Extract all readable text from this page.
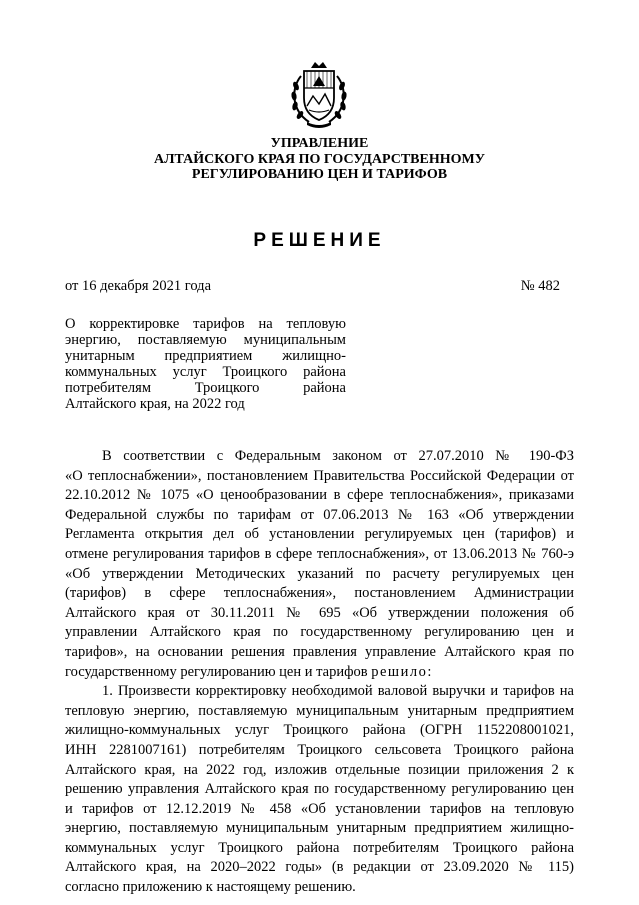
УПРАВЛЕНИЕ
АЛТАЙСКОГО КРАЯ ПО ГОСУДАРСТВЕННОМУ
РЕГУЛИРОВАНИЮ ЦЕН И ТАРИФОВ
РЕШЕНИЕ
от 16 декабря 2021 года	№ 482
О корректировке тарифов на тепловую
энергию, поставляемую муниципальным
унитарным предприятием жилищно-
коммунальных услуг Троицкого района
потребителям Троицкого района
Алтайского края, на 2022 год
В соответствии с Федеральным законом от 27.07.2010 № 190-ФЗ
«О теплоснабжении», постановлением Правительства Российской Федерации от
22.10.2012 № 1075 «О ценообразовании в сфере теплоснабжения», приказами
Федеральной службы по тарифам от 07.06.2013 № 163 «Об утверждении
Регламента открытия дел об установлении регулируемых цен (тарифов) и
отмене регулирования тарифов в сфере теплоснабжения», от 13.06.2013 № 760-э
«Об утверждении Методических указаний по расчету регулируемых цен
(тарифов) в сфере теплоснабжения», постановлением Администрации
Алтайского края от 30.11.2011 № 695 «Об утверждении положения об
управлении Алтайского края по государственному регулированию цен и
тарифов», на основании решения правления управление Алтайского края по
государственному регулированию цен и тарифов решило:
1. Произвести корректировку необходимой валовой выручки и тарифов на
тепловую энергию, поставляемую муниципальным унитарным предприятием
жилищно-коммунальных услуг Троицкого района (ОГРН 1152208001021,
ИНН 2281007161) потребителям Троицкого сельсовета Троицкого района
Алтайского края, на 2022 год, изложив отдельные позиции приложения 2 к
решению управления Алтайского края по государственному регулированию цен
и тарифов от 12.12.2019 № 458 «Об установлении тарифов на тепловую
энергию, поставляемую муниципальным унитарным предприятием жилищно-
коммунальных услуг Троицкого района потребителям Троицкого района
Алтайского края, на 2020–2022 годы» (в редакции от 23.09.2020 № 115)
согласно приложению к настоящему решению.
